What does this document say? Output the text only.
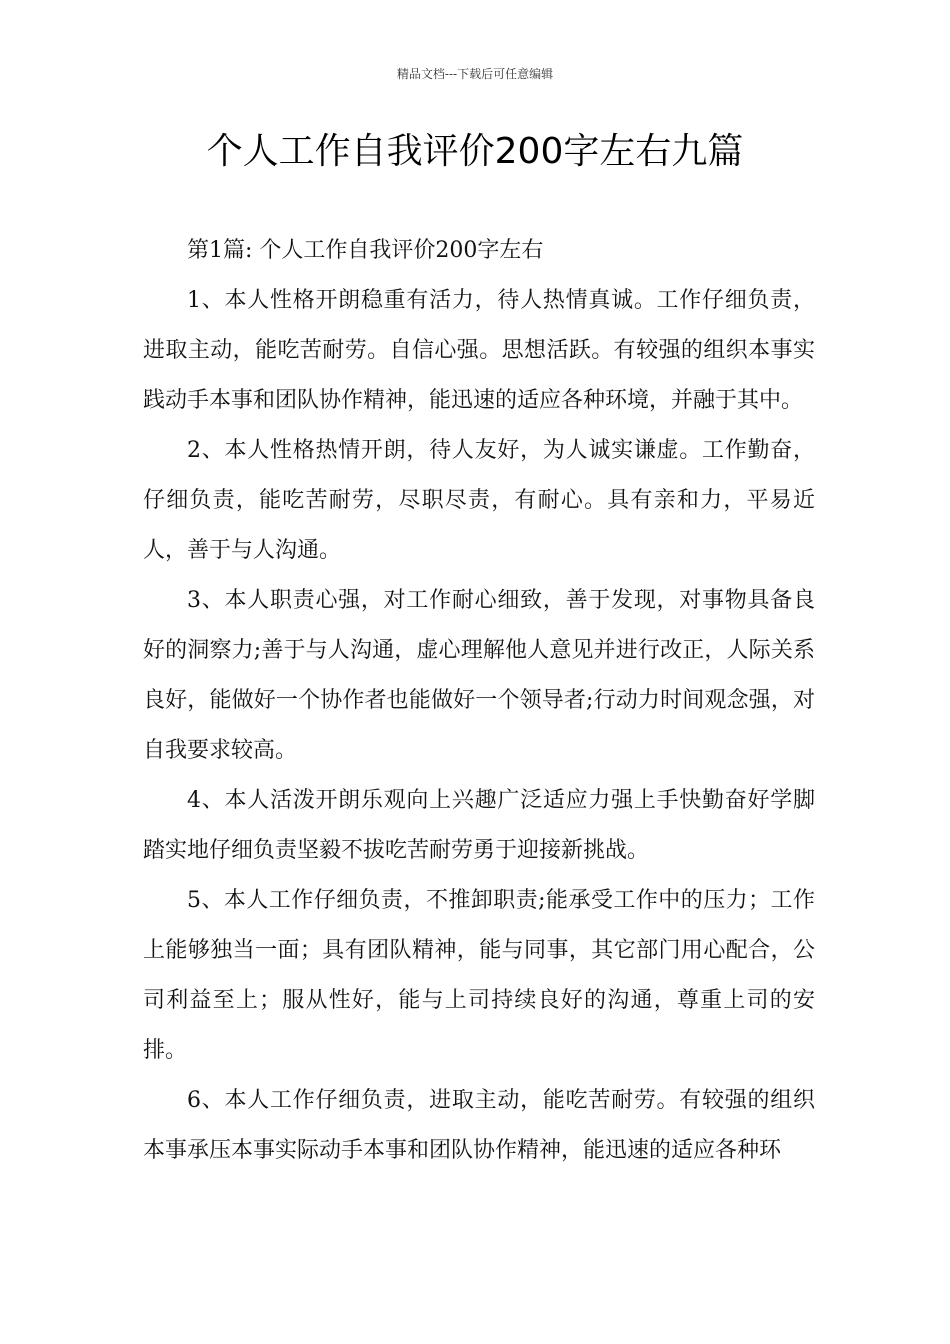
精品文档---下载后可任意编辑
个人工作自我评价200字左右九篇

第1篇: 个人工作自我评价200字左右

1、本人性格开朗稳重有活力，待人热情真诚。工作仔细负责，进取主动，能吃苦耐劳。自信心强。思想活跃。有较强的组织本事实践动手本事和团队协作精神，能迅速的适应各种环境，并融于其中。

2、本人性格热情开朗，待人友好，为人诚实谦虚。工作勤奋，仔细负责，能吃苦耐劳，尽职尽责，有耐心。具有亲和力，平易近人，善于与人沟通。

3、本人职责心强，对工作耐心细致，善于发现，对事物具备良好的洞察力;善于与人沟通，虚心理解他人意见并进行改正，人际关系良好，能做好一个协作者也能做好一个领导者;行动力时间观念强，对自我要求较高。

4、本人活泼开朗乐观向上兴趣广泛适应力强上手快勤奋好学脚踏实地仔细负责坚毅不拔吃苦耐劳勇于迎接新挑战。

5、本人工作仔细负责，不推卸职责;能承受工作中的压力；工作上能够独当一面；具有团队精神，能与同事，其它部门用心配合，公司利益至上；服从性好，能与上司持续良好的沟通，尊重上司的安排。

6、本人工作仔细负责，进取主动，能吃苦耐劳。有较强的组织本事承压本事实际动手本事和团队协作精神，能迅速的适应各种环
